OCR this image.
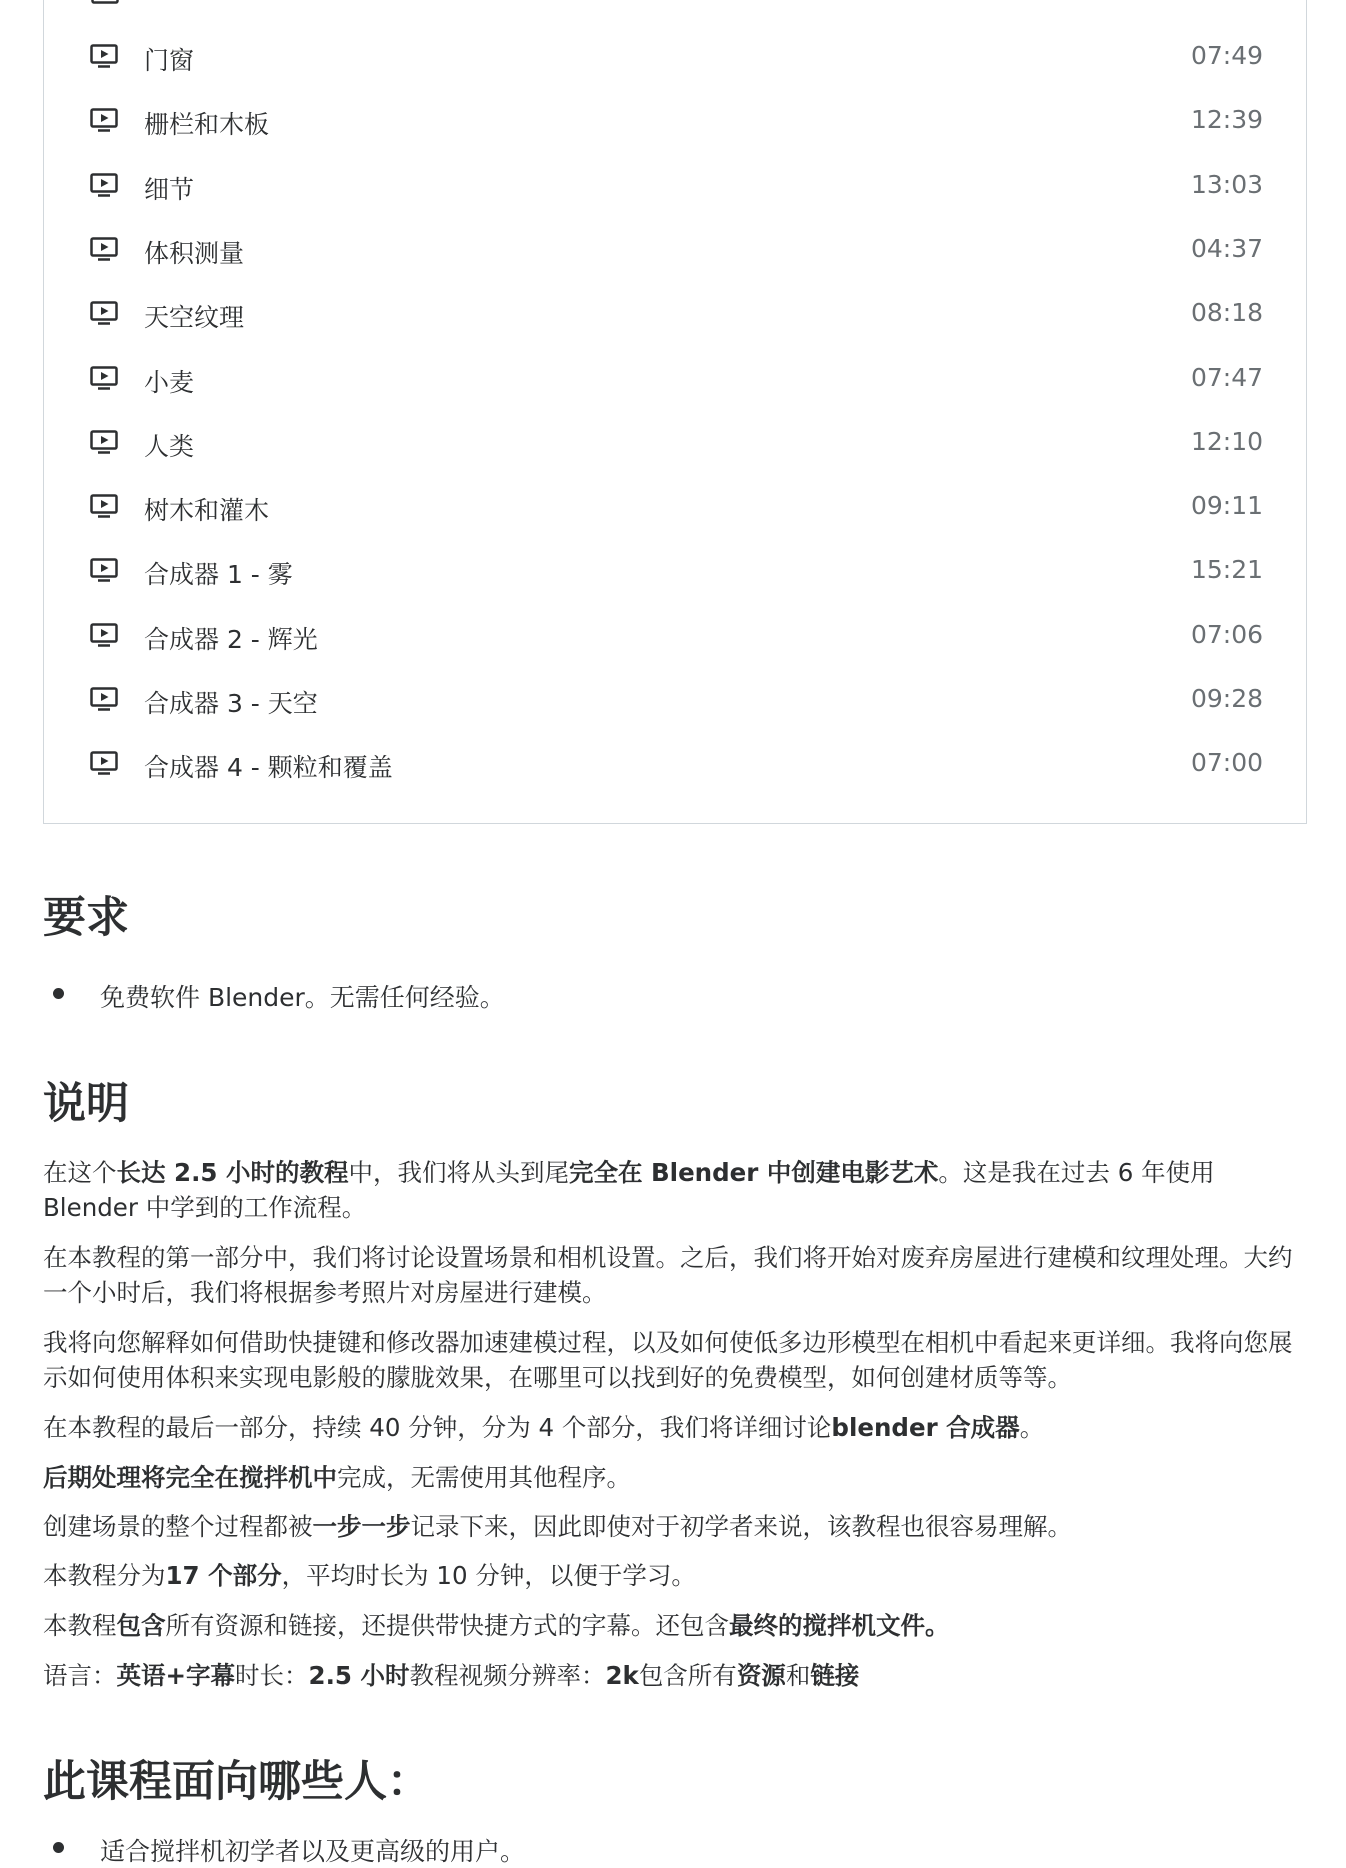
门窗	07:49
栅栏和木板	12:39
细节	13:03
体积测量	04:37
天空纹理	08:18
小麦	07:47
人类	12:10
树木和灌木	09:11
合成器 1 - 雾	15:21
合成器 2 - 辉光	07:06
合成器 3 - 天空	09:28
合成器 4 - 颗粒和覆盖	07:00
要求
免费软件 Blender。无需任何经验。
说明
在这个长达 2.5 小时的教程中，我们将从头到尾完全在 Blender 中创建电影艺术。这是我在过去 6 年使用 Blender 中学到的工作流程。
在本教程的第一部分中，我们将讨论设置场景和相机设置。之后，我们将开始对废弃房屋进行建模和纹理处理。大约一个小时后，我们将根据参考照片对房屋进行建模。
我将向您解释如何借助快捷键和修改器加速建模过程，以及如何使低多边形模型在相机中看起来更详细。我将向您展示如何使用体积来实现电影般的朦胧效果，在哪里可以找到好的免费模型，如何创建材质等等。
在本教程的最后一部分，持续 40 分钟，分为 4 个部分，我们将详细讨论blender 合成器。
后期处理将完全在搅拌机中完成，无需使用其他程序。
创建场景的整个过程都被一步一步记录下来，因此即使对于初学者来说，该教程也很容易理解。
本教程分为17 个部分，平均时长为 10 分钟，以便于学习。
本教程包含所有资源和链接，还提供带快捷方式的字幕。还包含最终的搅拌机文件。
语言：英语+字幕时长：2.5 小时教程视频分辨率：2k包含所有资源和链接
此课程面向哪些人：
适合搅拌机初学者以及更高级的用户。
